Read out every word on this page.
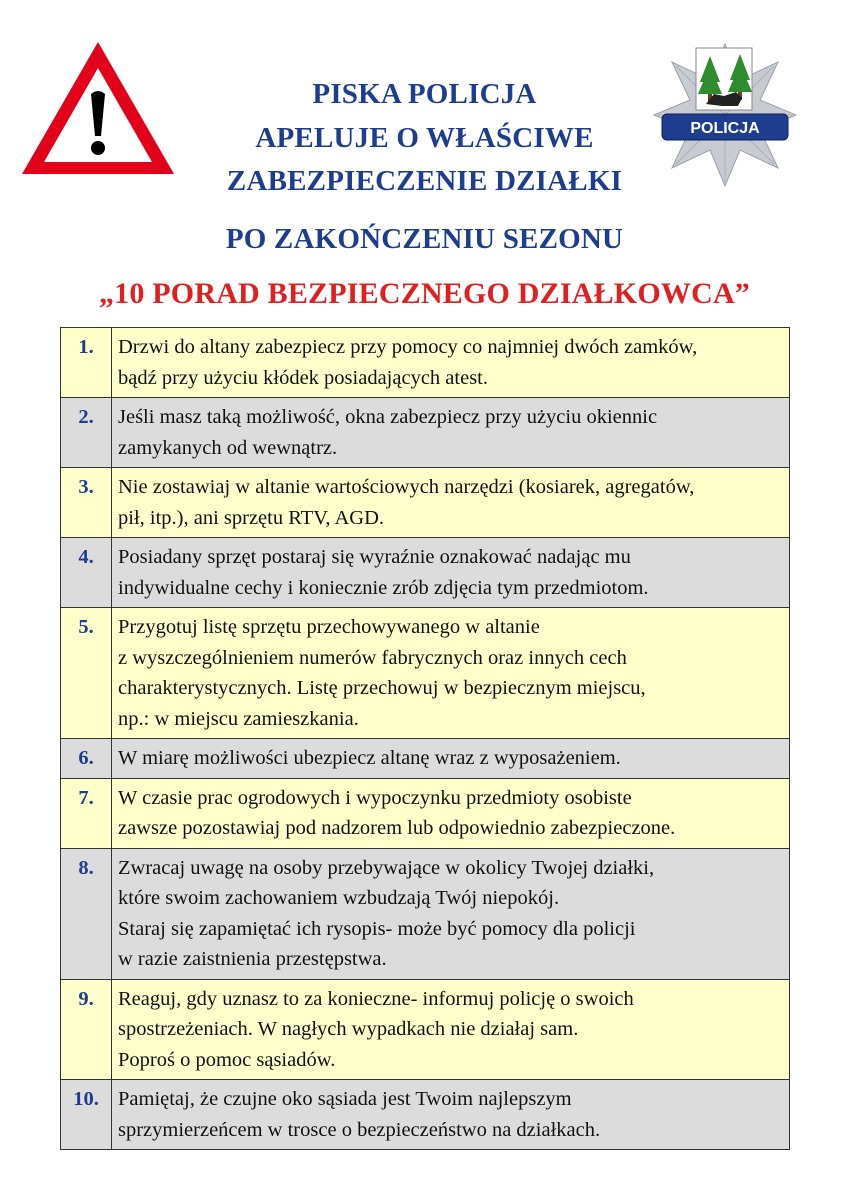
POLICJA
PISKA POLICJA
APELUJE O WŁAŚCIWE
ZABEZPIECZENIE DZIAŁKI
PO ZAKOŃCZENIU SEZONU
„10 PORAD BEZPIECZNEGO DZIAŁKOWCA”
1.	Drzwi do altany zabezpiecz przy pomocy co najmniej dwóch zamków,
bądź przy użyciu kłódek posiadających atest.

2.	Jeśli masz taką możliwość, okna zabezpiecz przy użyciu okiennic
zamykanych od wewnątrz.

3.	Nie zostawiaj w altanie wartościowych narzędzi (kosiarek, agregatów,
pił, itp.), ani sprzętu RTV, AGD.

4.	Posiadany sprzęt postaraj się wyraźnie oznakować nadając mu
indywidualne cechy i koniecznie zrób zdjęcia tym przedmiotom.

5.	Przygotuj listę sprzętu przechowywanego w altanie
z wyszczególnieniem numerów fabrycznych oraz innych cech
charakterystycznych. Listę przechowuj w bezpiecznym miejscu,
np.: w miejscu zamieszkania.

6.	W miarę możliwości ubezpiecz altanę wraz z wyposażeniem.

7.	W czasie prac ogrodowych i wypoczynku przedmioty osobiste
zawsze pozostawiaj pod nadzorem lub odpowiednio zabezpieczone.

8.	Zwracaj uwagę na osoby przebywające w okolicy Twojej działki,
które swoim zachowaniem wzbudzają Twój niepokój.
Staraj się zapamiętać ich rysopis- może być pomocy dla policji
w razie zaistnienia przestępstwa.

9.	Reaguj, gdy uznasz to za konieczne- informuj policję o swoich
spostrzeżeniach. W nagłych wypadkach nie działaj sam.
Poproś o pomoc sąsiadów.

10.	Pamiętaj, że czujne oko sąsiada jest Twoim najlepszym
sprzymierzeńcem w trosce o bezpieczeństwo na działkach.
